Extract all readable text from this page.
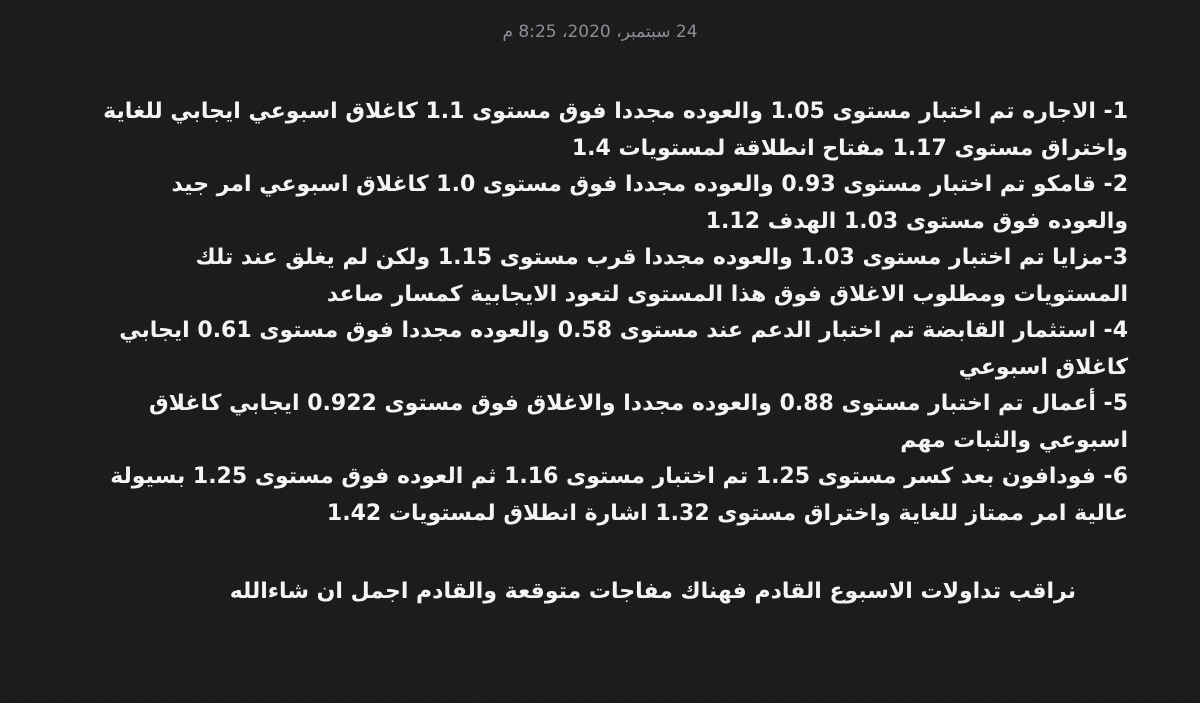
24 سبتمبر، 2020، 8:25 م

1- الاجاره تم اختبار مستوى 1.05 والعوده مجددا فوق مستوى 1.1 كاغلاق اسبوعي ايجابي للغاية واختراق مستوى 1.17 مفتاح انطلاقة لمستويات 1.4

2- قامكو تم اختبار مستوى 0.93 والعوده مجددا فوق مستوى 1.0 كاغلاق اسبوعي امر جيد والعوده فوق مستوى 1.03 الهدف 1.12

3-مزايا تم اختبار مستوى 1.03 والعوده مجددا قرب مستوى 1.15 ولكن لم يغلق عند تلك المستويات ومطلوب الاغلاق فوق هذا المستوى لتعود الايجابية كمسار صاعد

4- استثمار القابضة تم اختبار الدعم عند مستوى 0.58 والعوده مجددا فوق مستوى 0.61 ايجابي كاغلاق اسبوعي

5- أعمال تم اختبار مستوى 0.88 والعوده مجددا والاغلاق فوق مستوى 0.922 ايجابي كاغلاق اسبوعي والثبات مهم

6- فودافون بعد كسر مستوى 1.25 تم اختبار مستوى 1.16 ثم العوده فوق مستوى 1.25 بسيولة عالية امر ممتاز للغاية واختراق مستوى 1.32 اشارة انطلاق لمستويات 1.42

نراقب تداولات الاسبوع القادم فهناك مفاجات متوقعة والقادم اجمل ان شاءالله
